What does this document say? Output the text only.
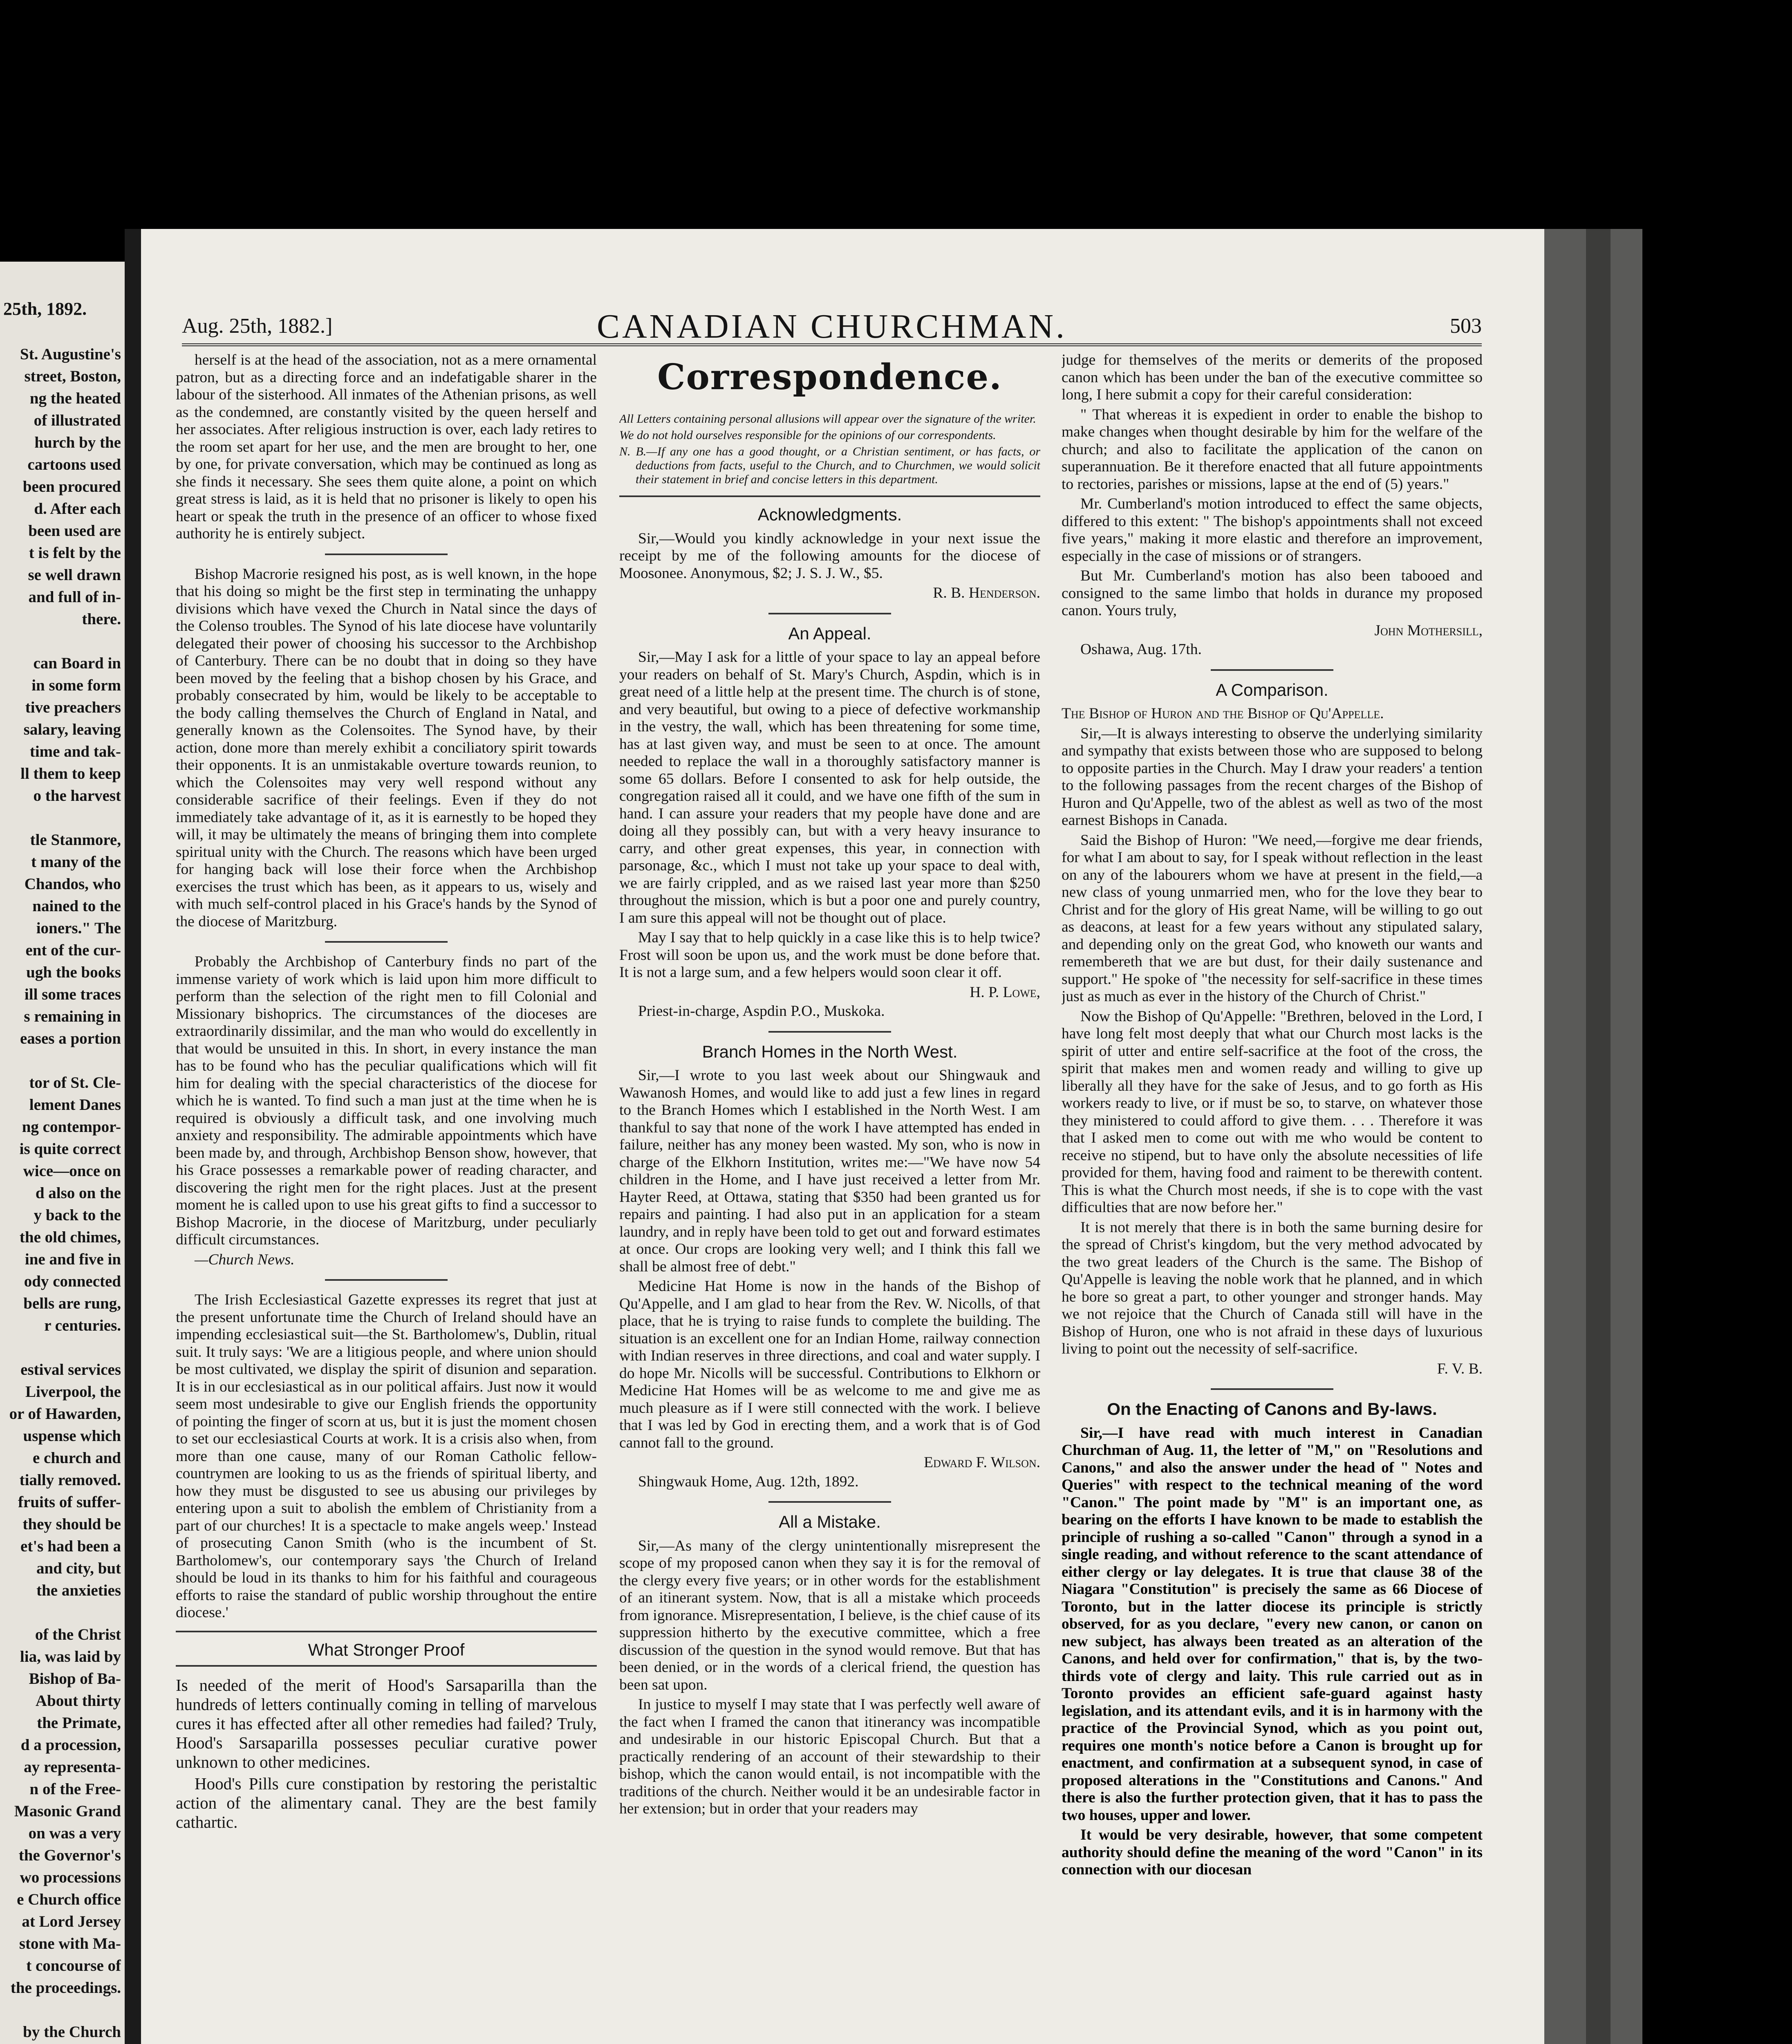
25th, 1892.
St. Augustine's
street, Boston,
ng the heated
of illustrated
hurch by the
cartoons used
been procured
d. After each
been used are
t is felt by the
se well drawn
and full of in-
there.

can Board in
in some form
tive preachers
salary, leaving
time and tak-
ll them to keep
o the harvest

tle Stanmore,
t many of the
Chandos, who
nained to the
ioners." The
ent of the cur-
ugh the books
ill some traces
s remaining in
eases a portion

tor of St. Cle-
lement Danes
ng contempor-
is quite correct
wice—once on
d also on the
y back to the
the old chimes,
ine and five in
ody connected
bells are rung,
r centuries.

estival services
Liverpool, the
or of Hawarden,
uspense which
e church and
tially removed.
fruits of suffer-
they should be
et's had been a
and city, but
the anxieties

of the Christ
lia, was laid by
Bishop of Ba-
About thirty
the Primate,
d a procession,
ay representa-
n of the Free-
Masonic Grand
on was a very
the Governor's
wo processions
e Church office
at Lord Jersey
stone with Ma-
t concourse of
the proceedings.

by the Church

Aug. 25th, 1882.]	CANADIAN CHURCHMAN.	503

herself is at the head of the association, not as a mere ornamental patron, but as a directing force and an indefatigable sharer in the labour of the sisterhood. All inmates of the Athenian prisons, as well as the condemned, are constantly visited by the queen herself and her associates. After religious instruction is over, each lady retires to the room set apart for her use, and the men are brought to her, one by one, for private conversation, which may be continued as long as she finds it necessary. She sees them quite alone, a point on which great stress is laid, as it is held that no prisoner is likely to open his heart or speak the truth in the presence of an officer to whose fixed authority he is entirely subject.

Bishop Macrorie resigned his post, as is well known, in the hope that his doing so might be the first step in terminating the unhappy divisions which have vexed the Church in Natal since the days of the Colenso troubles. The Synod of his late diocese have voluntarily delegated their power of choosing his successor to the Archbishop of Canterbury. There can be no doubt that in doing so they have been moved by the feeling that a bishop chosen by his Grace, and probably consecrated by him, would be likely to be acceptable to the body calling themselves the Church of England in Natal, and generally known as the Colensoites. The Synod have, by their action, done more than merely exhibit a conciliatory spirit towards their opponents. It is an unmistakable overture towards reunion, to which the Colensoites may very well respond without any considerable sacrifice of their feelings. Even if they do not immediately take advantage of it, as it is earnestly to be hoped they will, it may be ultimately the means of bringing them into complete spiritual unity with the Church. The reasons which have been urged for hanging back will lose their force when the Archbishop exercises the trust which has been, as it appears to us, wisely and with much self-control placed in his Grace's hands by the Synod of the diocese of Maritzburg.

Probably the Archbishop of Canterbury finds no part of the immense variety of work which is laid upon him more difficult to perform than the selection of the right men to fill Colonial and Missionary bishoprics. The circumstances of the dioceses are extraordinarily dissimilar, and the man who would do excellently in that would be unsuited in this. In short, in every instance the man has to be found who has the peculiar qualifications which will fit him for dealing with the special characteristics of the diocese for which he is wanted. To find such a man just at the time when he is required is obviously a difficult task, and one involving much anxiety and responsibility. The admirable appointments which have been made by, and through, Archbishop Benson show, however, that his Grace possesses a remarkable power of reading character, and discovering the right men for the right places. Just at the present moment he is called upon to use his great gifts to find a successor to Bishop Macrorie, in the diocese of Maritzburg, under peculiarly difficult circumstances.

—Church News.

The Irish Ecclesiastical Gazette expresses its regret that just at the present unfortunate time the Church of Ireland should have an impending ecclesiastical suit—the St. Bartholomew's, Dublin, ritual suit. It truly says: 'We are a litigious people, and where union should be most cultivated, we display the spirit of disunion and separation. It is in our ecclesiastical as in our political affairs. Just now it would seem most undesirable to give our English friends the opportunity of pointing the finger of scorn at us, but it is just the moment chosen to set our ecclesiastical Courts at work. It is a crisis also when, from more than one cause, many of our Roman Catholic fellow-countrymen are looking to us as the friends of spiritual liberty, and how they must be disgusted to see us abusing our privileges by entering upon a suit to abolish the emblem of Christianity from a part of our churches! It is a spectacle to make angels weep.' Instead of prosecuting Canon Smith (who is the incumbent of St. Bartholomew's, our contemporary says 'the Church of Ireland should be loud in its thanks to him for his faithful and courageous efforts to raise the standard of public worship throughout the entire diocese.'

What Stronger Proof

Is needed of the merit of Hood's Sarsaparilla than the hundreds of letters continually coming in telling of marvelous cures it has effected after all other remedies had failed? Truly, Hood's Sarsaparilla possesses peculiar curative power unknown to other medicines.

Hood's Pills cure constipation by restoring the peristaltic action of the alimentary canal. They are the best family cathartic.

Correspondence.

All Letters containing personal allusions will appear over the signature of the writer.

We do not hold ourselves responsible for the opinions of our correspondents.

N. B.—If any one has a good thought, or a Christian sentiment, or has facts, or deductions from facts, useful to the Church, and to Churchmen, we would solicit their statement in brief and concise letters in this department.

Acknowledgments.

Sir,—Would you kindly acknowledge in your next issue the receipt by me of the following amounts for the diocese of Moosonee. Anonymous, $2; J. S. J. W., $5.

R. B. Henderson.

An Appeal.

Sir,—May I ask for a little of your space to lay an appeal before your readers on behalf of St. Mary's Church, Aspdin, which is in great need of a little help at the present time. The church is of stone, and very beautiful, but owing to a piece of defective workmanship in the vestry, the wall, which has been threatening for some time, has at last given way, and must be seen to at once. The amount needed to replace the wall in a thoroughly satisfactory manner is some 65 dollars. Before I consented to ask for help outside, the congregation raised all it could, and we have one fifth of the sum in hand. I can assure your readers that my people have done and are doing all they possibly can, but with a very heavy insurance to carry, and other great expenses, this year, in connection with parsonage, &c., which I must not take up your space to deal with, we are fairly crippled, and as we raised last year more than $250 throughout the mission, which is but a poor one and purely country, I am sure this appeal will not be thought out of place.

May I say that to help quickly in a case like this is to help twice? Frost will soon be upon us, and the work must be done before that. It is not a large sum, and a few helpers would soon clear it off.

H. P. Lowe,

Priest-in-charge, Aspdin P.O., Muskoka.

Branch Homes in the North West.

Sir,—I wrote to you last week about our Shingwauk and Wawanosh Homes, and would like to add just a few lines in regard to the Branch Homes which I established in the North West. I am thankful to say that none of the work I have attempted has ended in failure, neither has any money been wasted. My son, who is now in charge of the Elkhorn Institution, writes me:—"We have now 54 children in the Home, and I have just received a letter from Mr. Hayter Reed, at Ottawa, stating that $350 had been granted us for repairs and painting. I had also put in an application for a steam laundry, and in reply have been told to get out and forward estimates at once. Our crops are looking very well; and I think this fall we shall be almost free of debt."

Medicine Hat Home is now in the hands of the Bishop of Qu'Appelle, and I am glad to hear from the Rev. W. Nicolls, of that place, that he is trying to raise funds to complete the building. The situation is an excellent one for an Indian Home, railway connection with Indian reserves in three directions, and coal and water supply. I do hope Mr. Nicolls will be successful. Contributions to Elkhorn or Medicine Hat Homes will be as welcome to me and give me as much pleasure as if I were still connected with the work. I believe that I was led by God in erecting them, and a work that is of God cannot fall to the ground.

Edward F. Wilson.

Shingwauk Home, Aug. 12th, 1892.

All a Mistake.

Sir,—As many of the clergy unintentionally misrepresent the scope of my proposed canon when they say it is for the removal of the clergy every five years; or in other words for the establishment of an itinerant system. Now, that is all a mistake which proceeds from ignorance. Misrepresentation, I believe, is the chief cause of its suppression hitherto by the executive committee, which a free discussion of the question in the synod would remove. But that has been denied, or in the words of a clerical friend, the question has been sat upon.

In justice to myself I may state that I was perfectly well aware of the fact when I framed the canon that itinerancy was incompatible and undesirable in our historic Episcopal Church. But that a practically rendering of an account of their stewardship to their bishop, which the canon would entail, is not incompatible with the traditions of the church. Neither would it be an undesirable factor in her extension; but in order that your readers may

judge for themselves of the merits or demerits of the proposed canon which has been under the ban of the executive committee so long, I here submit a copy for their careful consideration:

" That whereas it is expedient in order to enable the bishop to make changes when thought desirable by him for the welfare of the church; and also to facilitate the application of the canon on superannuation. Be it therefore enacted that all future appointments to rectories, parishes or missions, lapse at the end of (5) years."

Mr. Cumberland's motion introduced to effect the same objects, differed to this extent: " The bishop's appointments shall not exceed five years," making it more elastic and therefore an improvement, especially in the case of missions or of strangers.

But Mr. Cumberland's motion has also been tabooed and consigned to the same limbo that holds in durance my proposed canon. Yours truly,

John Mothersill,

Oshawa, Aug. 17th.

A Comparison.

The Bishop of Huron and the Bishop of Qu'Appelle.

Sir,—It is always interesting to observe the underlying similarity and sympathy that exists between those who are supposed to belong to opposite parties in the Church. May I draw your readers' a tention to the following passages from the recent charges of the Bishop of Huron and Qu'Appelle, two of the ablest as well as two of the most earnest Bishops in Canada.

Said the Bishop of Huron: "We need,—forgive me dear friends, for what I am about to say, for I speak without reflection in the least on any of the labourers whom we have at present in the field,—a new class of young unmarried men, who for the love they bear to Christ and for the glory of His great Name, will be willing to go out as deacons, at least for a few years without any stipulated salary, and depending only on the great God, who knoweth our wants and remembereth that we are but dust, for their daily sustenance and support." He spoke of "the necessity for self-sacrifice in these times just as much as ever in the history of the Church of Christ."

Now the Bishop of Qu'Appelle: "Brethren, beloved in the Lord, I have long felt most deeply that what our Church most lacks is the spirit of utter and entire self-sacrifice at the foot of the cross, the spirit that makes men and women ready and willing to give up liberally all they have for the sake of Jesus, and to go forth as His workers ready to live, or if must be so, to starve, on whatever those they ministered to could afford to give them. . . . Therefore it was that I asked men to come out with me who would be content to receive no stipend, but to have only the absolute necessities of life provided for them, having food and raiment to be therewith content. This is what the Church most needs, if she is to cope with the vast difficulties that are now before her."

It is not merely that there is in both the same burning desire for the spread of Christ's kingdom, but the very method advocated by the two great leaders of the Church is the same. The Bishop of Qu'Appelle is leaving the noble work that he planned, and in which he bore so great a part, to other younger and stronger hands. May we not rejoice that the Church of Canada still will have in the Bishop of Huron, one who is not afraid in these days of luxurious living to point out the necessity of self-sacrifice.

F. V. B.

On the Enacting of Canons and By-laws.

Sir,—I have read with much interest in Canadian Churchman of Aug. 11, the letter of "M," on "Resolutions and Canons," and also the answer under the head of " Notes and Queries" with respect to the technical meaning of the word "Canon." The point made by "M" is an important one, as bearing on the efforts I have known to be made to establish the principle of rushing a so-called "Canon" through a synod in a single reading, and without reference to the scant attendance of either clergy or lay delegates. It is true that clause 38 of the Niagara "Constitution" is precisely the same as 66 Diocese of Toronto, but in the latter diocese its principle is strictly observed, for as you declare, "every new canon, or canon on new subject, has always been treated as an alteration of the Canons, and held over for confirmation," that is, by the two-thirds vote of clergy and laity. This rule carried out as in Toronto provides an efficient safe-guard against hasty legislation, and its attendant evils, and it is in harmony with the practice of the Provincial Synod, which as you point out, requires one month's notice before a Canon is brought up for enactment, and confirmation at a subsequent synod, in case of proposed alterations in the "Constitutions and Canons." And there is also the further protection given, that it has to pass the two houses, upper and lower.

It would be very desirable, however, that some competent authority should define the meaning of the word "Canon" in its connection with our diocesan
